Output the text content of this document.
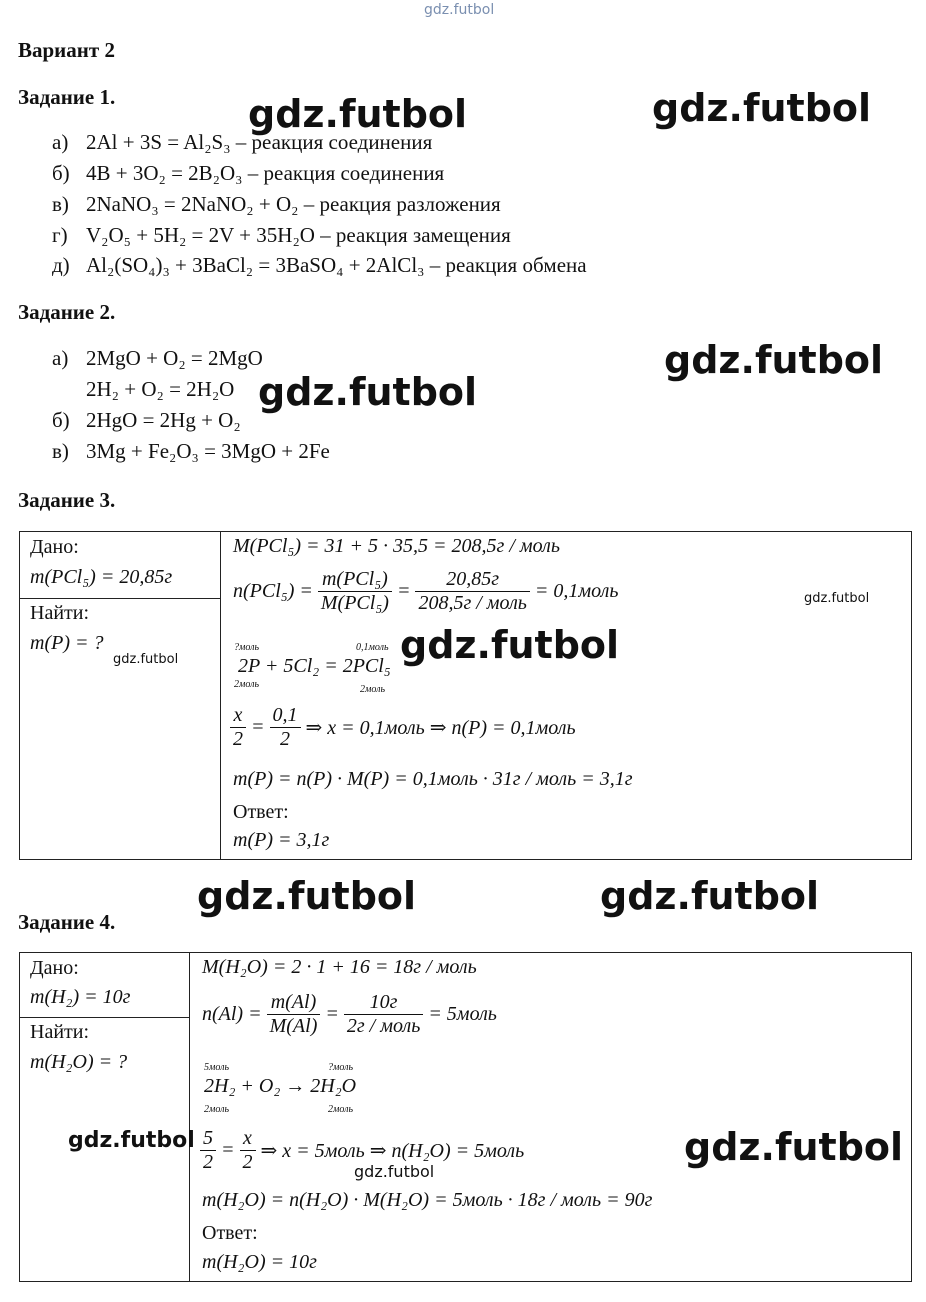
gdz.futbol
Вариант 2
Задание 1.
а) 2Al + 3S = Al₂S₃ – реакция соединения
б) 4B + 3O₂ = 2B₂O₃ – реакция соединения
в) 2NaNO₃ = 2NaNO₂ + O₂ – реакция разложения
г) V₂O₅ + 5H₂ = 2V + 35H₂O – реакция замещения
д) Al₂(SO₄)₃ + 3BaCl₂ = 3BaSO₄ + 2AlCl₃ – реакция обмена
Задание 2.
а) 2MgO + O₂ = 2MgO
2H₂ + O₂ = 2H₂O
б) 2HgO = 2Hg + O₂
в) 3Mg + Fe₂O₃ = 3MgO + 2Fe
Задание 3.
Дано:
m(PCl₅) = 20,85г
Найти:
m(P) = ?
M(PCl₅) = 31 + 5 · 35,5 = 208,5г / моль
$n(PCl_5) = \frac{\text{m(PCl₅)}}{\text{M(PCl₅)}} = \frac{20,85г}{\text{208,5г / моль}}$ = 0,1моль
?моль	0,1моль
2P + 5Cl₂ = 2PCl₅
2моль	2моль
$\frac{x}{2} = \frac{0,1}{2}$ ⇒ x = 0,1моль ⇒ n(P) = 0,1моль
m(P) = n(P) · M(P) = 0,1моль · 31г / моль = 3,1г
Ответ:
m(P) = 3,1г
Задание 4.
Дано:
m(H₂) = 10г
Найти:
m(H₂O) = ?
M(H₂O) = 2 · 1 + 16 = 18г / моль
$n(Al) = \frac{m(Al)}{M(Al)} = \frac{10г}{\text{2г / моль}}$ = 5моль
5моль	?моль
2H₂ + O₂ → 2H₂O
2моль	2моль
$\frac{5}{2} = \frac{x}{2}$ ⇒ x = 5моль ⇒ n(H₂O) = 5моль
m(H₂O) = n(H₂O) · M(H₂O) = 5моль · 18г / моль = 90г
Ответ:
m(H₂O) = 10г
gdz.futbol	gdz.futbol
gdz.futbol
gdz.futbol
gdz.futbol
gdz.futbol
gdz.futbol
gdz.futbol	gdz.futbol
gdz.futbol	gdz.futbol
gdz.futbol
